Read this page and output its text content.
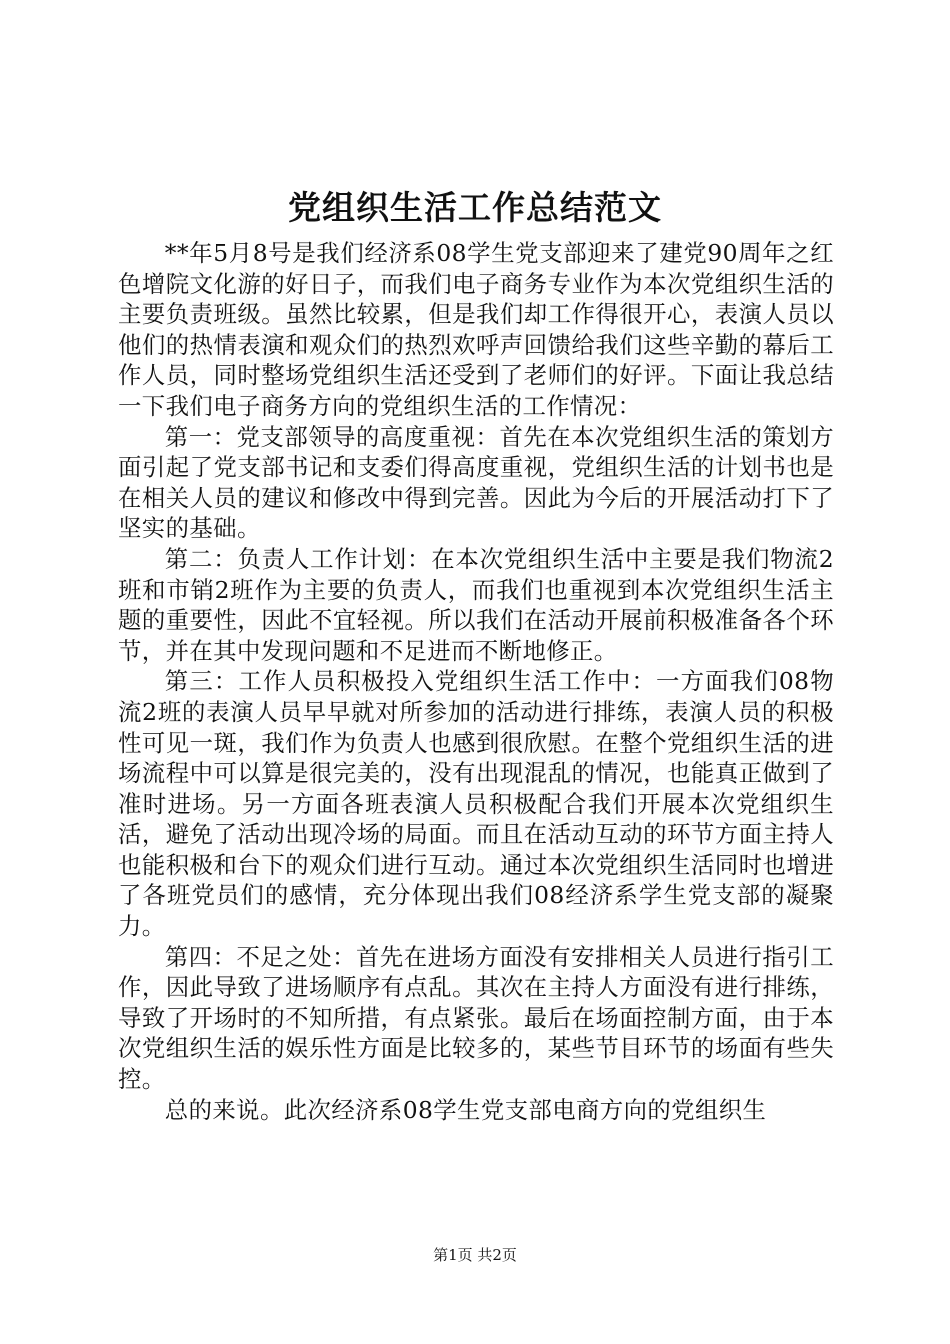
党组织生活工作总结范文

**年5月8号是我们经济系08学生党支部迎来了建党90周年之红色增院文化游的好日子，而我们电子商务专业作为本次党组织生活的主要负责班级。虽然比较累，但是我们却工作得很开心，表演人员以他们的热情表演和观众们的热烈欢呼声回馈给我们这些辛勤的幕后工作人员，同时整场党组织生活还受到了老师们的好评。下面让我总结一下我们电子商务方向的党组织生活的工作情况：

第一：党支部领导的高度重视：首先在本次党组织生活的策划方面引起了党支部书记和支委们得高度重视，党组织生活的计划书也是在相关人员的建议和修改中得到完善。因此为今后的开展活动打下了坚实的基础。

第二：负责人工作计划：在本次党组织生活中主要是我们物流2班和市销2班作为主要的负责人，而我们也重视到本次党组织生活主题的重要性，因此不宜轻视。所以我们在活动开展前积极准备各个环节，并在其中发现问题和不足进而不断地修正。

第三：工作人员积极投入党组织生活工作中：一方面我们08物流2班的表演人员早早就对所参加的活动进行排练，表演人员的积极性可见一斑，我们作为负责人也感到很欣慰。在整个党组织生活的进场流程中可以算是很完美的，没有出现混乱的情况，也能真正做到了准时进场。另一方面各班表演人员积极配合我们开展本次党组织生活，避免了活动出现冷场的局面。而且在活动互动的环节方面主持人也能积极和台下的观众们进行互动。通过本次党组织生活同时也增进了各班党员们的感情，充分体现出我们08经济系学生党支部的凝聚力。

第四：不足之处：首先在进场方面没有安排相关人员进行指引工作，因此导致了进场顺序有点乱。其次在主持人方面没有进行排练，导致了开场时的不知所措，有点紧张。最后在场面控制方面，由于本次党组织生活的娱乐性方面是比较多的，某些节目环节的场面有些失控。

总的来说。此次经济系08学生党支部电商方向的党组织生

第1页 共2页
